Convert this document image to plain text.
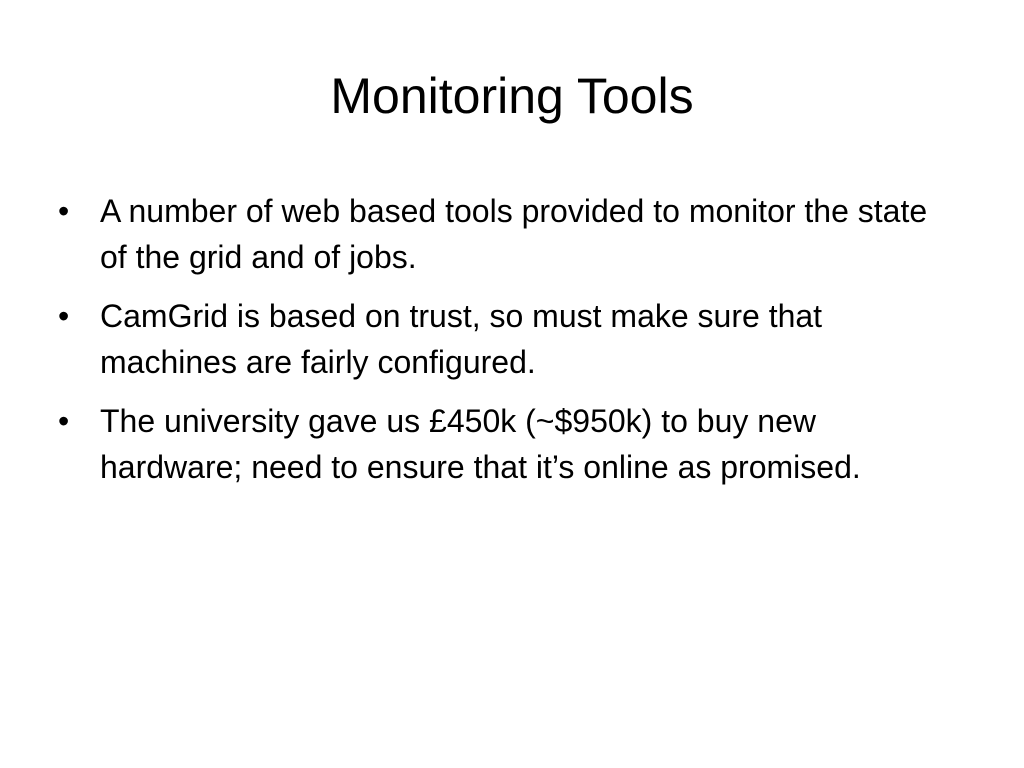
Monitoring Tools
• A number of web based tools provided to monitor the state of the grid and of jobs.
• CamGrid is based on trust, so must make sure that machines are fairly configured.
• The university gave us £450k (~$950k) to buy new hardware; need to ensure that it’s online as promised.
